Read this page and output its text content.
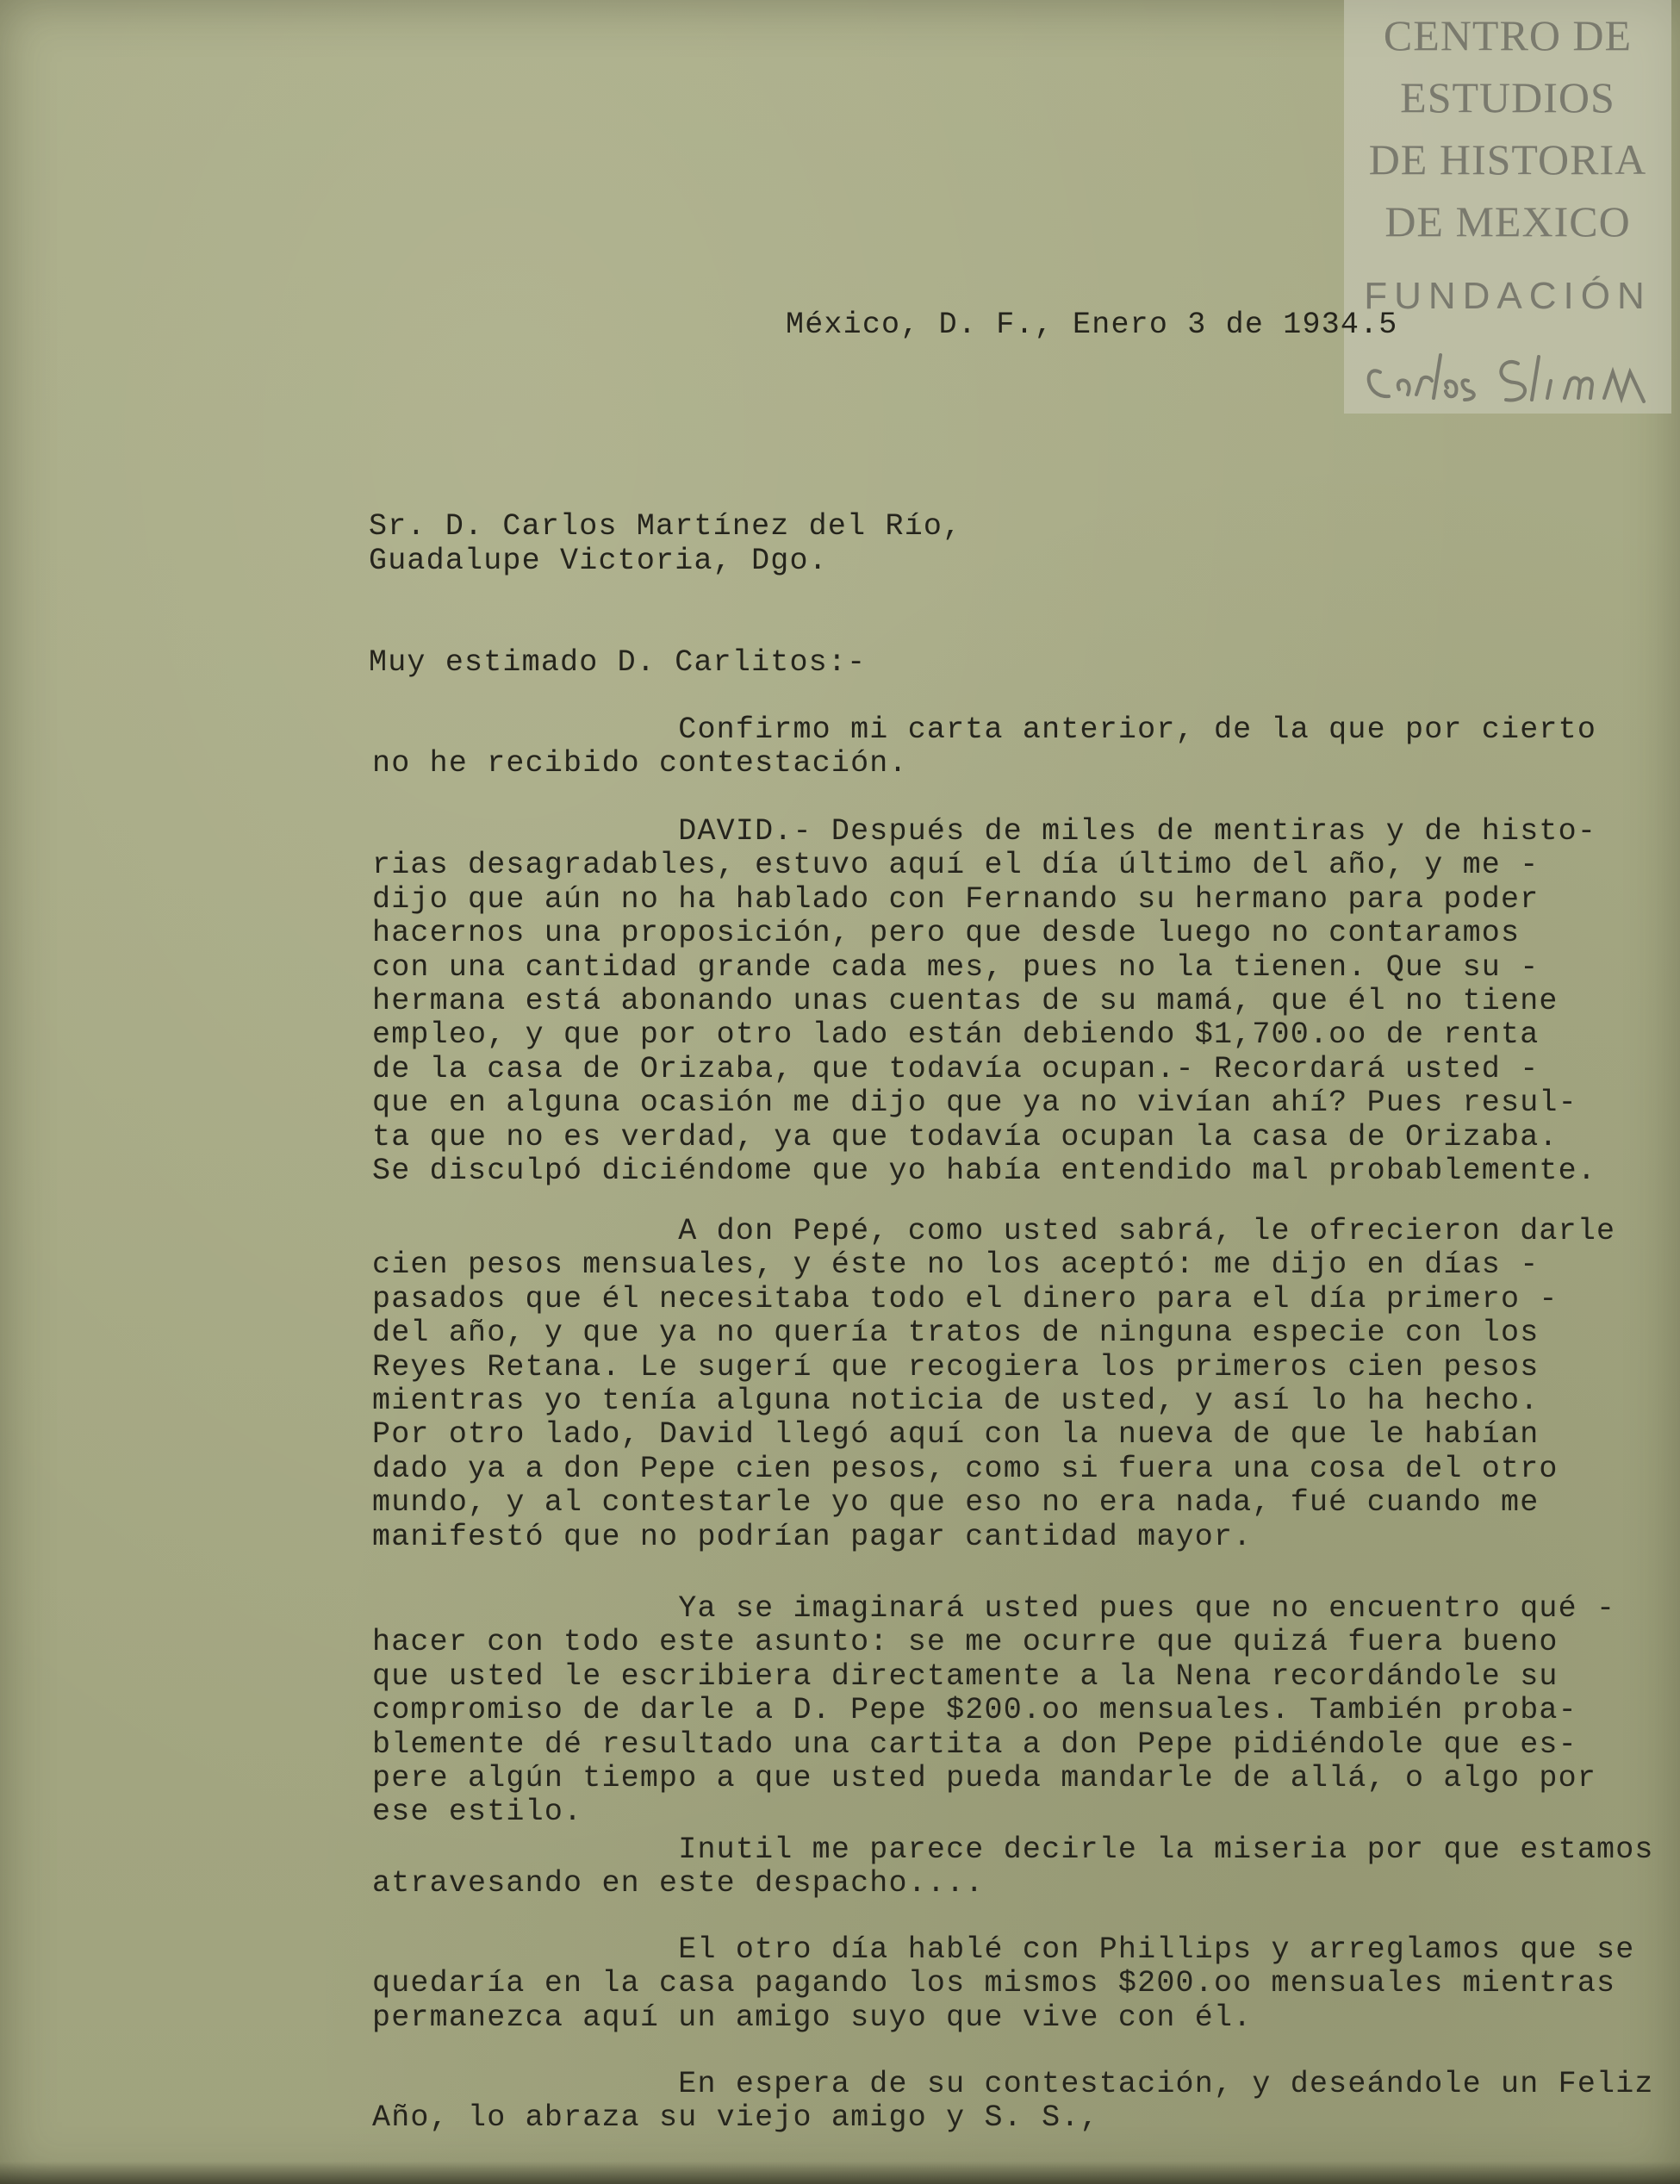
CENTRO DE
ESTUDIOS
DE HISTORIA
DE MEXICO
FUNDACIÓN
México, D. F., Enero 3 de 1934.5
Sr. D. Carlos Martínez del Río,
Guadalupe Victoria, Dgo.
Muy estimado D. Carlitos:-
Confirmo mi carta anterior, de la que por cierto
no he recibido contestación.
DAVID.- Después de miles de mentiras y de histo-
rias desagradables, estuvo aquí el día último del año, y me -
dijo que aún no ha hablado con Fernando su hermano para poder
hacernos una proposición, pero que desde luego no contaramos
con una cantidad grande cada mes, pues no la tienen. Que su -
hermana está abonando unas cuentas de su mamá, que él no tiene
empleo, y que por otro lado están debiendo $1,700.oo de renta
de la casa de Orizaba, que todavía ocupan.- Recordará usted -
que en alguna ocasión me dijo que ya no vivían ahí? Pues resul-
ta que no es verdad, ya que todavía ocupan la casa de Orizaba.
Se disculpó diciéndome que yo había entendido mal probablemente.
A don Pepé, como usted sabrá, le ofrecieron darle
cien pesos mensuales, y éste no los aceptó: me dijo en días -
pasados que él necesitaba todo el dinero para el día primero -
del año, y que ya no quería tratos de ninguna especie con los
Reyes Retana. Le sugerí que recogiera los primeros cien pesos
mientras yo tenía alguna noticia de usted, y así lo ha hecho.
Por otro lado, David llegó aquí con la nueva de que le habían
dado ya a don Pepe cien pesos, como si fuera una cosa del otro
mundo, y al contestarle yo que eso no era nada, fué cuando me
manifestó que no podrían pagar cantidad mayor.
Ya se imaginará usted pues que no encuentro qué -
hacer con todo este asunto: se me ocurre que quizá fuera bueno
que usted le escribiera directamente a la Nena recordándole su
compromiso de darle a D. Pepe $200.oo mensuales. También proba-
blemente dé resultado una cartita a don Pepe pidiéndole que es-
pere algún tiempo a que usted pueda mandarle de allá, o algo por
ese estilo.
Inutil me parece decirle la miseria por que estamos
atravesando en este despacho....
El otro día hablé con Phillips y arreglamos que se
quedaría en la casa pagando los mismos $200.oo mensuales mientras
permanezca aquí un amigo suyo que vive con él.
En espera de su contestación, y deseándole un Feliz
Año, lo abraza su viejo amigo y S. S.,
